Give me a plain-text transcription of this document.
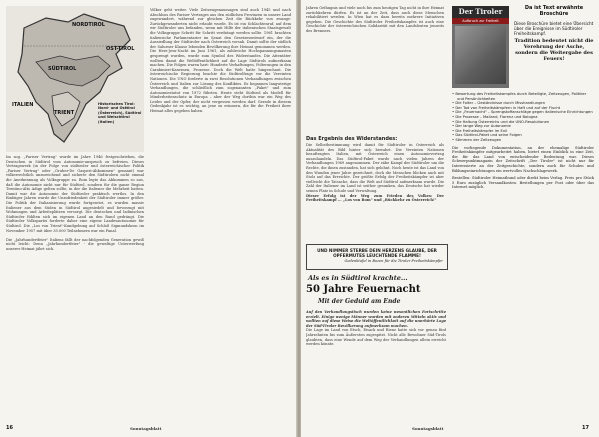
NORDTIROL
OST-TIROL
SÜDTIROL
ITALIEN
TRIENT
Historisches Tirol: Nord- und Osttirol (Österreich), Südtirol und Welschtirol (Italien)
Im sog. „Pariser Vertrag" wurde im Jahre 1946 festgeschrieben, die Deutschen in Südtirol vom Autonomie-anspruch zu befreien. Dieses Vertragswerk (in der Folge von südtiroler und österreichischer Politik „Pariser Vertrag" oder „Gruber-De Gasperi-Abkommen" genannt) war völkerrechtlich unzureichend und sicherte den Südtirolern nicht einmal die Anerkennung als Volksgruppe zu. Rom legte das Abkommen so aus, daß die Autonomie nicht nur für Südtirol, sondern für die ganze Region Trentino-Alto Adige gelten sollte, in der die Italiener die Mehrheit hatten. Damit war die Autonomie der Südtiroler praktisch wertlos. In den fünfziger Jahren wurde die Unzufriedenheit der Südtiroler immer größer. Die Politik der Italianisierung wurde fortgesetzt, es wurden massiv Italiener aus dem Süden in Südtirol angesiedelt und bevorzugt mit Wohnungen und Arbeitsplätzen versorgt. Die deutschen und ladinischen Südtiroler fühlten sich im eigenen Land an den Rand gedrängt. Die Südtiroler Volkspartei forderte daher eine eigene Landesautonomie für Südtirol. Die „Los von Trient"-Kundgebung auf Schloß Sigmundskron im November 1957 mit über 35.000 Teilnehmern war ein Fanal.

Die „Jahrhundertfeier" Italiens fällt der nachfolgenden Generation gewiß nicht leicht: Denn „Jahrhundertfeier" - die gewaltige Unterwerfung unserer Heimat jährt sich.
Völker geht weiter. Viele Zeitzeugenaussagen sind auch 1945 und nach Abschluss des Pariser Vertrages aus den südlichen Provinzen in unsere Land zugewandert, während zur gleichen Zeit die Rückkehr von zwangs-Zurückgewanderten nicht erlaubt wurde. Es ist ein Schlachtenruf, auf dem wir Südtiroler uns befanden, wenn mit Hilfe der italienischen Staatsgewalt die Volksgruppe Schritt für Schritt verdrängt werden sollte. 1961 brachten italienische Parlamentarier im Senat den Gesetzesentwurf ein, der die Aussiedlung der Südtiroler nach Österreich vorsah. Damit sollte der südlich der Salurner Klause lebenden Bevölkerung ihre Heimat genommen werden. Die Herz-Jesu-Nacht im Juni 1961, als zahlreiche Hochspannungsmasten gesprengt wurden, wurde zum Symbol des Widerstandes. Die Attentäter wollten damit die Weltöffentlichkeit auf die Lage Südtirols aufmerksam machen. Die Folgen waren hart: Hunderte Verhaftungen, Folterungen in den Carabinieri-Kasernen, Prozesse. Doch die Welt hatte hingeschaut. Die österreichische Regierung brachte die Südtirolfrage vor die Vereinten Nationen. Die UNO forderte in zwei Resolutionen Verhandlungen zwischen Österreich und Italien zur Lösung des Konfliktes. Es begannen langwierige Verhandlungen, die schließlich zum sogenannten „Paket" und zum Autonomiestatut von 1972 führten. Heute steht Südtirol als Modell für Minderheitenschutz in Europa – aber der Weg dorthin war ein Weg des Leides und der Opfer, der nicht vergessen werden darf. Gerade in diesem Gedenkjahr ist es wichtig, an jene zu erinnern, die für die Freiheit ihrer Heimat alles gegeben haben.
16	Sonntagsblatt
Jahren Gefängnis und viele noch bis zum heutigen Tag nicht in ihre Heimat zurückkehren dürfen. Es ist an der Zeit, dass auch diese Menschen rehabilitiert werden. In Wien hat es dazu bereits mehrere Initiativen gegeben. Die Geschichte des Südtiroler Freiheitskampfes ist auch eine Geschichte der österreichischen Solidarität mit den Landsleuten jenseits des Brenners.
Das Ergebnis des Widerstandes:
Die Selbstbestimmung wird damit für Südtiroler in Österreich als Aktualität des Bild hinter sich bewahrt. Die Vereinten Nationen beauftragten Italien, mit Österreich einen Autonomievertrag auszuhandeln. Das Südtirol-Paket wurde nach vielen Jahren der Verhandlungen 1969 angenommen. Der zähe Kampf der Südtiroler um die Rechte, die ihnen zustanden, hat sich gelohnt. Noch heute ist das Land von den Wunden jener Jahre gezeichnet, doch die Menschen blicken auch mit Stolz auf das Erreichte. Der größte Erfolg der Freiheitskämpfer ist aber vielleicht die Tatsache, dass die Welt auf Südtirol aufmerksam wurde. Die Zahl der Italiener im Land ist seither gesunken, das Deutsche hat wieder seinen Platz in Schule und Verwaltung.
Dieser Erfolg ist der Weg zum Frieden des Volkes: Der Freiheitskampf ... „Los von Rom" und „Rückkehr zu Österreich!"
UND NIMMER STERBE DEIN HERZENS GLAUBE, DER OPFERMUTES LEUCHTENDE FLAMME!
Gedenktafel in Bozen für die Tiroler Freiheitskämpfer
Als es in Südtirol krachte...
50 Jahre Feuernacht
Mit der Geduld am Ende
Auf den Verhandlungstisch wurden keine wesentlichen Fortschritte erzielt. Einige wenige Männer wurden mit anderen Mitteln aktiv und wollten auf diese Weise die Weltöffentlichkeit auf die unerhörte Lage der Süd-Tiroler Bevölkerung aufmerksam machen.
Die Lage im Land von Etsch, Eisack und Rienz hatte sich vor genau fünf Jahrzehnten bis zum Äußersten zugespitzt. Nicht alle Bewohner Süd-Tirols glaubten, dass eine Wende auf dem Weg der Verhandlungen allein erreicht werden könnte.
Der Tiroler
Aufbruch zur Freiheit
Da ist Text erwähnte Broschüre
Diese Broschüre bietet eine Übersicht über die Ereignisse im Südtiroler Freiheitskampf.
Tradition bedeutet nicht die Verehrung der Asche, sondern die Weitergabe des Feuers!
• Bewertung des Freiheitskampfes durch Beteiligte, Zeitzeugen, Politiker und Persönlichkeiten
• Die Folter – Geständnisse durch Misshandlungen
• Der Tod von Freiheitskämpfern in Haft und auf der Flucht
• Die „Feuernacht" – Sprengstoffanschläge gegen italienische Einrichtungen
• Die Prozesse – Mailand, Florenz und Bologna
• Die Haltung Österreichs und die UNO-Resolutionen
• Der lange Weg zur Autonomie
• Die Freiheitskämpfer im Exil
• Das Südtirol-Paket und seine Folgen
• Stimmen der Zeitzeugen
Die vorliegende Dokumentation, an der ehemalige Südtiroler Freiheitskämpfer mitgearbeitet haben, bietet einen Einblick in eine Zeit, die für das Land von entscheidender Bedeutung war. Dieses Schwerpunktmagazin der Zeitschrift „Der Tiroler" ist nicht nur für Interessierte an der Zeitgeschichte, sondern auch für Schulen und Bildungseinrichtungen ein wertvolles Nachschlagewerk.
Bestellen: Südtiroler Heimatbund oder direkt beim Verlag. Preis pro Stück 5 Euro zuzüglich Versandkosten. Bestellungen per Post oder über das Internet möglich.
Sonntagsblatt	17
